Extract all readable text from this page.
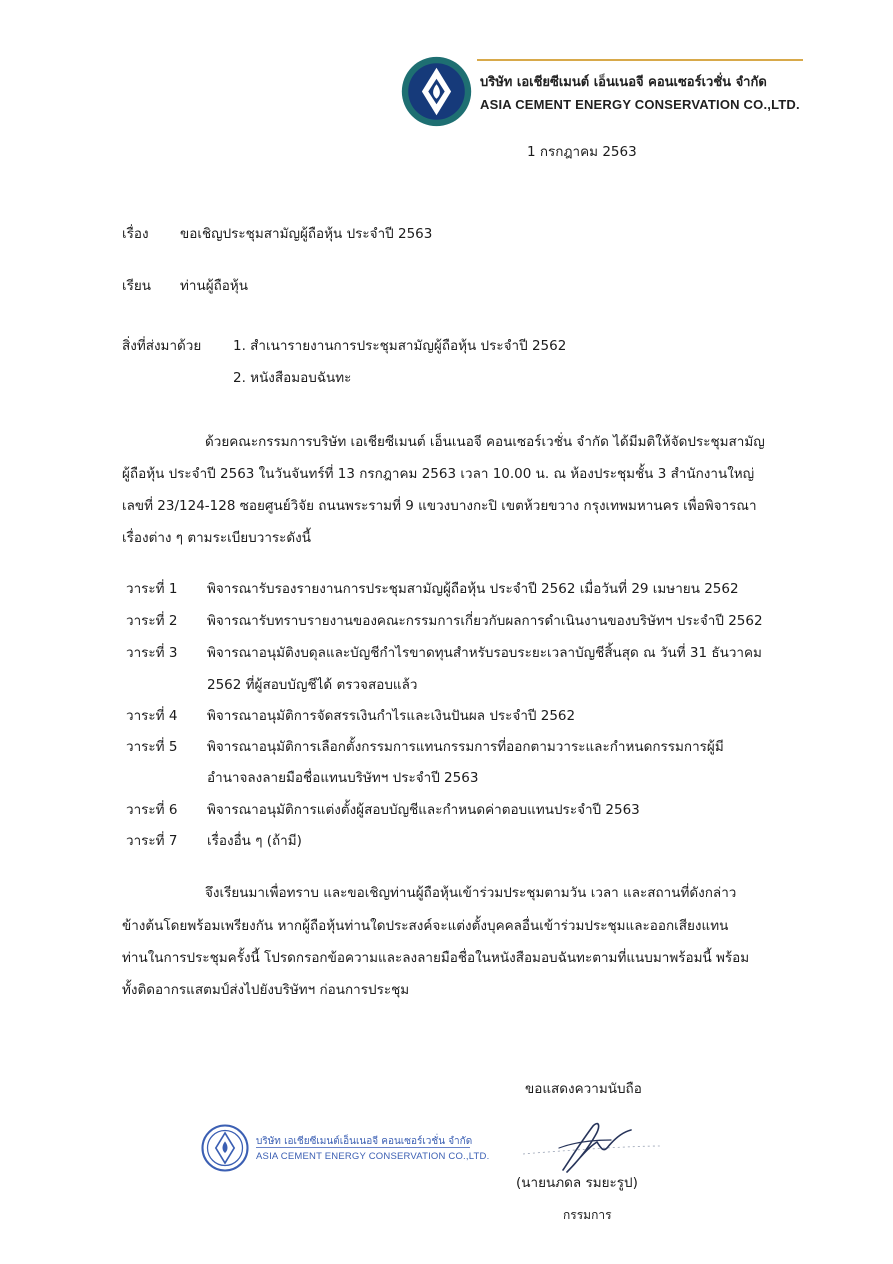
บริษัท เอเชียซีเมนต์ เอ็นเนอจี คอนเซอร์เวชั่น จำกัด
ASIA CEMENT ENERGY CONSERVATION CO.,LTD.
1 กรกฎาคม 2563
เรื่อง ขอเชิญประชุมสามัญผู้ถือหุ้น ประจำปี 2563
เรียน ท่านผู้ถือหุ้น
สิ่งที่ส่งมาด้วย 1. สำเนารายงานการประชุมสามัญผู้ถือหุ้น ประจำปี 2562
2. หนังสือมอบฉันทะ
ด้วยคณะกรรมการบริษัท เอเชียซีเมนต์ เอ็นเนอจี คอนเซอร์เวชั่น จำกัด ได้มีมติให้จัดประชุมสามัญ
ผู้ถือหุ้น ประจำปี 2563 ในวันจันทร์ที่ 13 กรกฎาคม 2563 เวลา 10.00 น. ณ ห้องประชุมชั้น 3 สำนักงานใหญ่
เลขที่ 23/124-128 ซอยศูนย์วิจัย ถนนพระรามที่ 9 แขวงบางกะปิ เขตห้วยขวาง กรุงเทพมหานคร เพื่อพิจารณา
เรื่องต่าง ๆ ตามระเบียบวาระดังนี้
วาระที่ 1 พิจารณารับรองรายงานการประชุมสามัญผู้ถือหุ้น ประจำปี 2562 เมื่อวันที่ 29 เมษายน 2562
วาระที่ 2 พิจารณารับทราบรายงานของคณะกรรมการเกี่ยวกับผลการดำเนินงานของบริษัทฯ ประจำปี 2562
วาระที่ 3 พิจารณาอนุมัติงบดุลและบัญชีกำไรขาดทุนสำหรับรอบระยะเวลาบัญชีสิ้นสุด ณ วันที่ 31 ธันวาคม
2562 ที่ผู้สอบบัญชีได้ ตรวจสอบแล้ว
วาระที่ 4 พิจารณาอนุมัติการจัดสรรเงินกำไรและเงินปันผล ประจำปี 2562
วาระที่ 5 พิจารณาอนุมัติการเลือกตั้งกรรมการแทนกรรมการที่ออกตามวาระและกำหนดกรรมการผู้มี
อำนาจลงลายมือชื่อแทนบริษัทฯ ประจำปี 2563
วาระที่ 6 พิจารณาอนุมัติการแต่งตั้งผู้สอบบัญชีและกำหนดค่าตอบแทนประจำปี 2563
วาระที่ 7 เรื่องอื่น ๆ (ถ้ามี)
จึงเรียนมาเพื่อทราบ และขอเชิญท่านผู้ถือหุ้นเข้าร่วมประชุมตามวัน เวลา และสถานที่ดังกล่าว
ข้างต้นโดยพร้อมเพรียงกัน หากผู้ถือหุ้นท่านใดประสงค์จะแต่งตั้งบุคคลอื่นเข้าร่วมประชุมและออกเสียงแทน
ท่านในการประชุมครั้งนี้ โปรดกรอกข้อความและลงลายมือชื่อในหนังสือมอบฉันทะตามที่แนบมาพร้อมนี้ พร้อม
ทั้งติดอากรแสตมป์ส่งไปยังบริษัทฯ ก่อนการประชุม
ขอแสดงความนับถือ
บริษัท เอเชียซีเมนต์เอ็นเนอจี คอนเซอร์เวชั่น จำกัด
ASIA CEMENT ENERGY CONSERVATION CO.,LTD.
(นายนภดล รมยะรูป)
กรรมการ
